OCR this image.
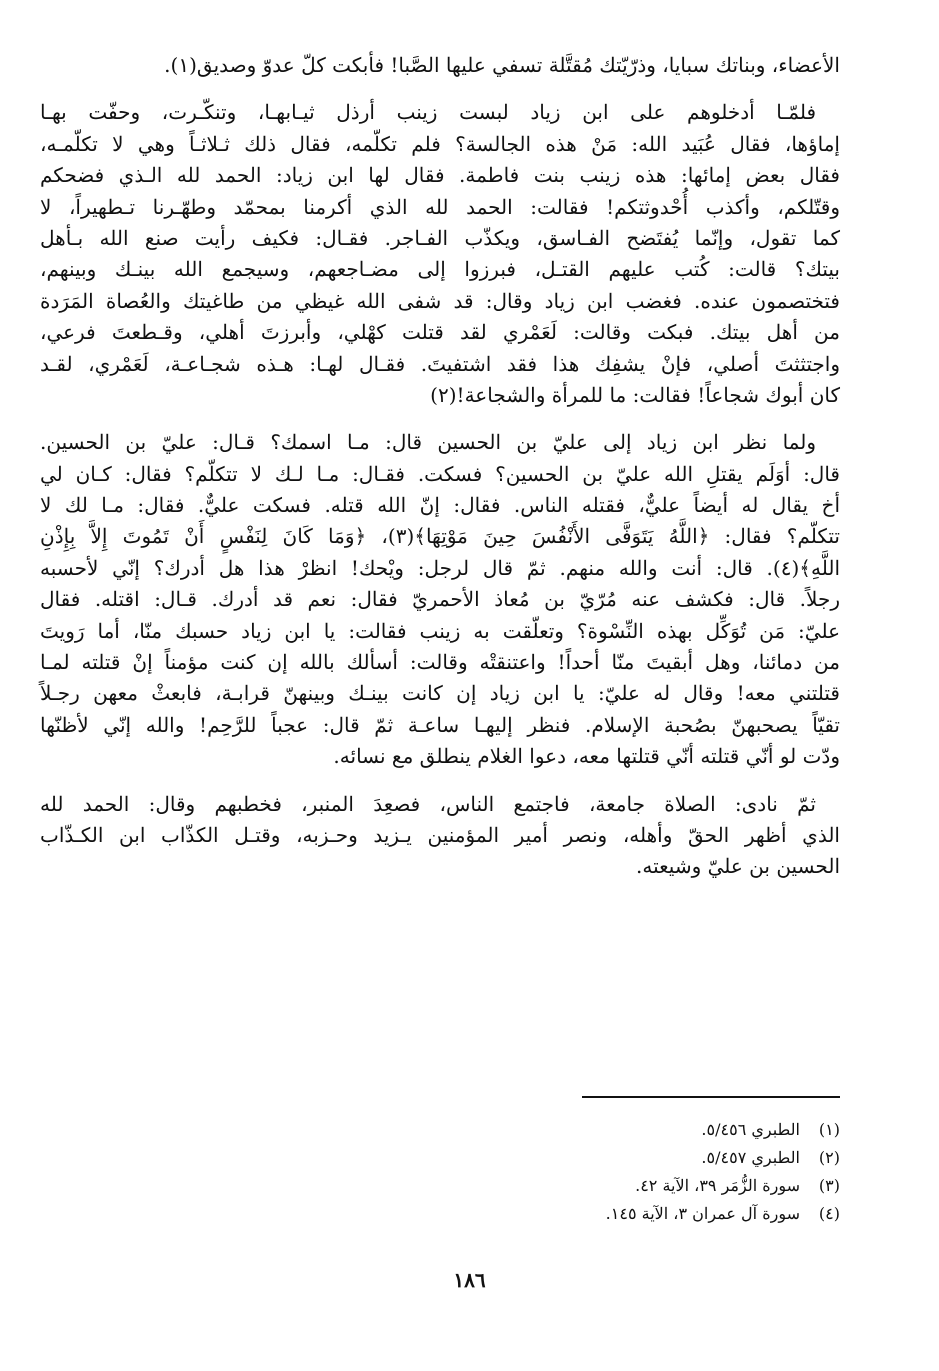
الأعضاء، وبناتك سبايا، وذرّيّتك مُقتَّلة تسفي عليها الصَّبا! فأبكت كلّ عدوّ وصديق(١).
فلمّـا أدخلوهم على ابن زياد لبست زينب أرذل ثيـابهـا، وتنكّـرت، وحفّت بهـا
إماؤها، فقال عُبَيد الله: مَنْ هذه الجالسة؟ فلم تكلّمه، فقال ذلك ثـلاثـاً وهي لا تكلّمـه،
فقال بعض إمائها: هذه زينب بنت فاطمة. فقال لها ابن زياد: الحمد لله الـذي فضحكم
وقتّلكم، وأكذب أُحْدوثتكم! فقالت: الحمد لله الذي أكرمنا بمحمّد وطهّـرنا تـطهيراً، لا
كما تقول، وإنّما يُفتَضح الفـاسق، ويكذّب الفـاجر. فقـال: فكيف رأيت صنع الله بـأهل
بيتك؟ قالت: كُتب عليهم القتـل، فبرزوا إلى مضـاجعهم، وسيجمع الله بينـك وبينهم،
فتختصمون عنده. فغضب ابن زياد وقال: قد شفى الله غيظي من طاغيتك والعُصاة المَرَدة
من أهل بيتك. فبكت وقالت: لَعَمْري لقد قتلت كهْلي، وأبرزتَ أهلي، وقـطعتَ فرعي،
واجتثثتَ أصلي، فإنْ يشفِك هذا فقد اشتفيتَ. فقـال لهـا: هـذه شجـاعـة، لَعَمْري، لقـد
كان أبوك شجاعاً! فقالت: ما للمرأة والشجاعة!(٢)
ولما نظر ابن زياد إلى عليّ بن الحسين قال: مـا اسمك؟ قـال: عليّ بن الحسين.
قال: أوَلَم يقتلِ الله عليّ بن الحسين؟ فسكت. فقـال: مـا لـك لا تتكلّم؟ فقال: كـان لي
أخ يقال له أيضاً عليٌّ، فقتله الناس. فقال: إنّ الله قتله. فسكت عليٌّ. فقال: مـا لك لا
تتكلّم؟ فقال: ﴿اللَّهُ يَتَوَفَّى الأَنْفُسَ حِينَ مَوْتِهَا﴾(٣)، ﴿وَمَا كَانَ لِنَفْسٍ أَنْ تَمُوتَ إِلاَّ بِإِذْنِ
اللَّهِ﴾(٤). قال: أنت والله منهم. ثمّ قال لرجل: ويْحك! انظرْ هذا هل أدرك؟ إنّي لأحسبه
رجلاً. قال: فكشف عنه مُرّيّ بن مُعاذ الأحمريّ فقال: نعم قد أدرك. قـال: اقتله. فقال
عليّ: مَن تُوَكِّل بهذه النِّسْوة؟ وتعلّقت به زينب فقالت: يا ابن زياد حسبك منّا، أما رَويتَ
من دمائنا، وهل أبقيتَ منّا أحداً! واعتنقتْه وقالت: أسألك بالله إن كنت مؤمناً إنْ قتلته لمـا
قتلتني معه! وقال له عليّ: يا ابن زياد إن كانت بينـك وبينهنّ قرابـة، فابعثْ معهن رجـلاً
تقيّاً يصحبهنّ بصُحبة الإسلام. فنظر إليهـا ساعـة ثمّ قال: عجباً للرَّحِم! والله إنّي لأظنّها
ودّت لو أنّي قتلته أنّي قتلتها معه، دعوا الغلام ينطلق مع نسائه.
ثمّ نادى: الصلاة جامعة، فاجتمع الناس، فصعِدَ المنبر، فخطبهم وقال: الحمد لله
الذي أظهر الحقّ وأهله، ونصر أمير المؤمنين يـزيد وحـزبه، وقتـل الكذّاب ابن الكـذّاب
الحسين بن عليّ وشيعته.
(١)الطبري ٥/٤٥٦.
(٢)الطبري ٥/٤٥٧.
(٣)سورة الزُّمَر ٣٩، الآية ٤٢.
(٤)سورة آل عمران ٣، الآية ١٤٥.
١٨٦
